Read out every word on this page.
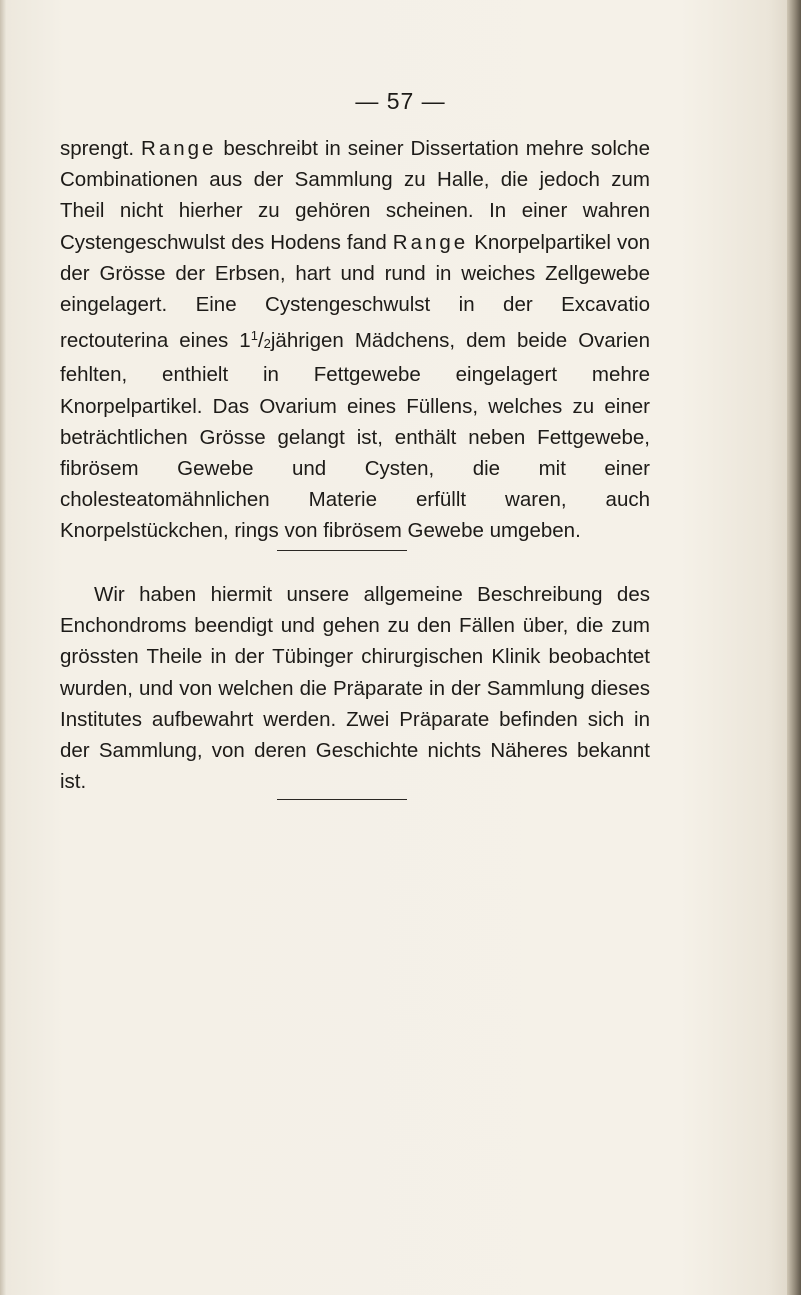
— 57 —

sprengt. Range beschreibt in seiner Dissertation mehre solche Combinationen aus der Sammlung zu Halle, die jedoch zum Theil nicht hierher zu gehören scheinen. In einer wahren Cystengeschwulst des Hodens fand Range Knorpelpartikel von der Grösse der Erbsen, hart und rund in weiches Zellgewebe eingelagert. Eine Cystengeschwulst in der Excavatio rectouterina eines $1^1/2jährigen$ Mädchens, dem beide Ovarien fehlten, enthielt in Fettgewebe eingelagert mehre Knorpelpartikel. Das Ovarium eines Füllens, welches zu einer beträchtlichen Grösse gelangt ist, enthält neben Fettgewebe, fibrösem Gewebe und Cysten, die mit einer cholesteatomähnlichen Materie erfüllt waren, auch Knorpelstückchen, rings von fibrösem Gewebe umgeben.

Wir haben hiermit unsere allgemeine Beschreibung des Enchondroms beendigt und gehen zu den Fällen über, die zum grössten Theile in der Tübinger chirurgischen Klinik beobachtet wurden, und von welchen die Präparate in der Sammlung dieses Institutes aufbewahrt werden. Zwei Präparate befinden sich in der Sammlung, von deren Geschichte nichts Näheres bekannt ist.
